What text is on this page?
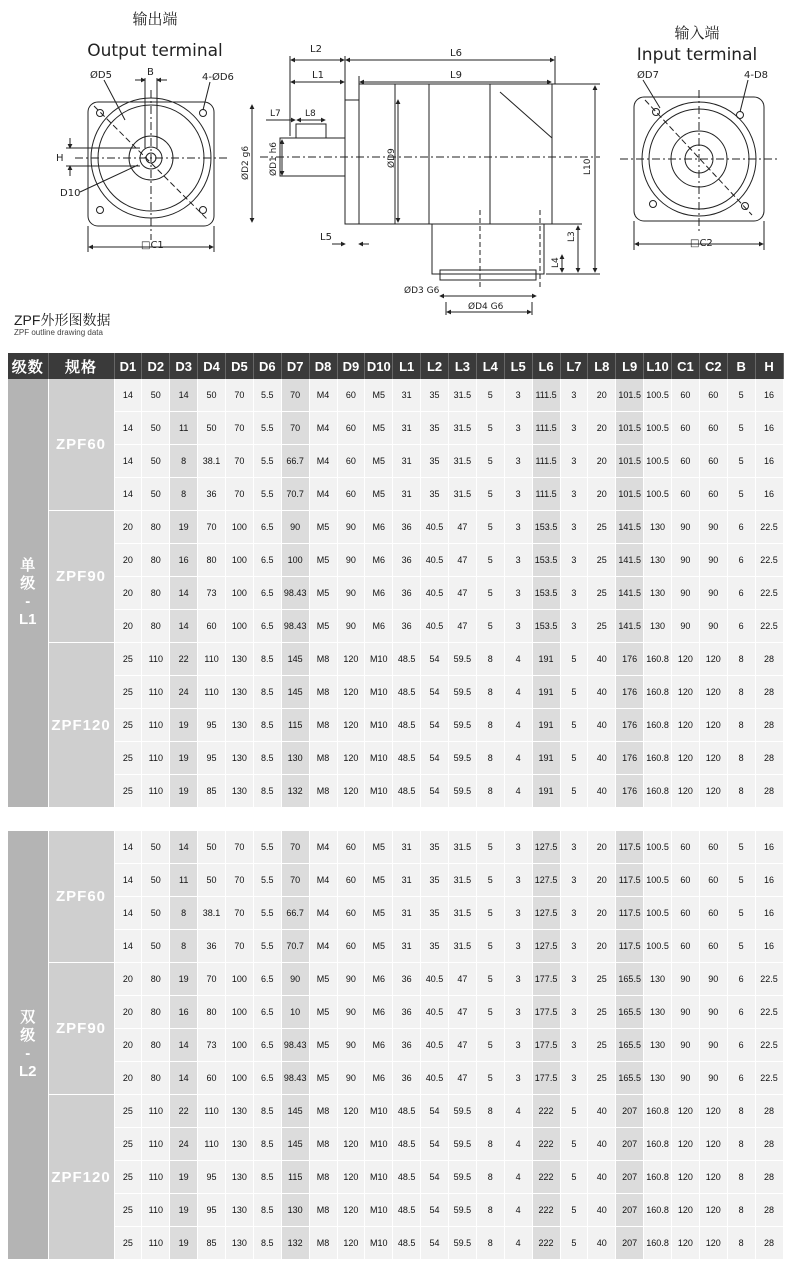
输出端
Output terminal
ØD5	B	4-ØD6
H
D10
□C1
L2	L6
L1	L9
L7	L8
ØD2 g6 ØD1 h6	ØD9	L10
L3
L4
L5
ØD3 G6
ØD4 G6
输入端
Input terminal
ØD7	4-D8
□C2
ZPF外形图数据
ZPF outline drawing data
级数	规格	D1	D2	D3	D4	D5	D6	D7	D8	D9	D10	L1	L2	L3	L4	L5	L6	L7	L8	L9	L10	C1	C2	B	H

单
级
-
L1	ZPF60	14	50	14	50	70	5.5	70	M4	60	M5	31	35	31.5	5	3	111.5	3	20	101.5	100.5	60	60	5	16
		14	50	11	50	70	5.5	70	M4	60	M5	31	35	31.5	5	3	111.5	3	20	101.5	100.5	60	60	5	16
		14	50	8	38.1	70	5.5	66.7	M4	60	M5	31	35	31.5	5	3	111.5	3	20	101.5	100.5	60	60	5	16
		14	50	8	36	70	5.5	70.7	M4	60	M5	31	35	31.5	5	3	111.5	3	20	101.5	100.5	60	60	5	16
	ZPF90	20	80	19	70	100	6.5	90	M5	90	M6	36	40.5	47	5	3	153.5	3	25	141.5	130	90	90	6	22.5
		20	80	16	80	100	6.5	100	M5	90	M6	36	40.5	47	5	3	153.5	3	25	141.5	130	90	90	6	22.5
		20	80	14	73	100	6.5	98.43	M5	90	M6	36	40.5	47	5	3	153.5	3	25	141.5	130	90	90	6	22.5
		20	80	14	60	100	6.5	98.43	M5	90	M6	36	40.5	47	5	3	153.5	3	25	141.5	130	90	90	6	22.5
	ZPF120	25	110	22	110	130	8.5	145	M8	120	M10	48.5	54	59.5	8	4	191	5	40	176	160.8	120	120	8	28
		25	110	24	110	130	8.5	145	M8	120	M10	48.5	54	59.5	8	4	191	5	40	176	160.8	120	120	8	28
		25	110	19	95	130	8.5	115	M8	120	M10	48.5	54	59.5	8	4	191	5	40	176	160.8	120	120	8	28
		25	110	19	95	130	8.5	130	M8	120	M10	48.5	54	59.5	8	4	191	5	40	176	160.8	120	120	8	28
		25	110	19	85	130	8.5	132	M8	120	M10	48.5	54	59.5	8	4	191	5	40	176	160.8	120	120	8	28
双
级
-
L2	ZPF60	14	50	14	50	70	5.5	70	M4	60	M5	31	35	31.5	5	3	127.5	3	20	117.5	100.5	60	60	5	16
		14	50	11	50	70	5.5	70	M4	60	M5	31	35	31.5	5	3	127.5	3	20	117.5	100.5	60	60	5	16
		14	50	8	38.1	70	5.5	66.7	M4	60	M5	31	35	31.5	5	3	127.5	3	20	117.5	100.5	60	60	5	16
		14	50	8	36	70	5.5	70.7	M4	60	M5	31	35	31.5	5	3	127.5	3	20	117.5	100.5	60	60	5	16
	ZPF90	20	80	19	70	100	6.5	90	M5	90	M6	36	40.5	47	5	3	177.5	3	25	165.5	130	90	90	6	22.5
		20	80	16	80	100	6.5	10	M5	90	M6	36	40.5	47	5	3	177.5	3	25	165.5	130	90	90	6	22.5
		20	80	14	73	100	6.5	98.43	M5	90	M6	36	40.5	47	5	3	177.5	3	25	165.5	130	90	90	6	22.5
		20	80	14	60	100	6.5	98.43	M5	90	M6	36	40.5	47	5	3	177.5	3	25	165.5	130	90	90	6	22.5
	ZPF120	25	110	22	110	130	8.5	145	M8	120	M10	48.5	54	59.5	8	4	222	5	40	207	160.8	120	120	8	28
		25	110	24	110	130	8.5	145	M8	120	M10	48.5	54	59.5	8	4	222	5	40	207	160.8	120	120	8	28
		25	110	19	95	130	8.5	115	M8	120	M10	48.5	54	59.5	8	4	222	5	40	207	160.8	120	120	8	28
		25	110	19	95	130	8.5	130	M8	120	M10	48.5	54	59.5	8	4	222	5	40	207	160.8	120	120	8	28
		25	110	19	85	130	8.5	132	M8	120	M10	48.5	54	59.5	8	4	222	5	40	207	160.8	120	120	8	28
